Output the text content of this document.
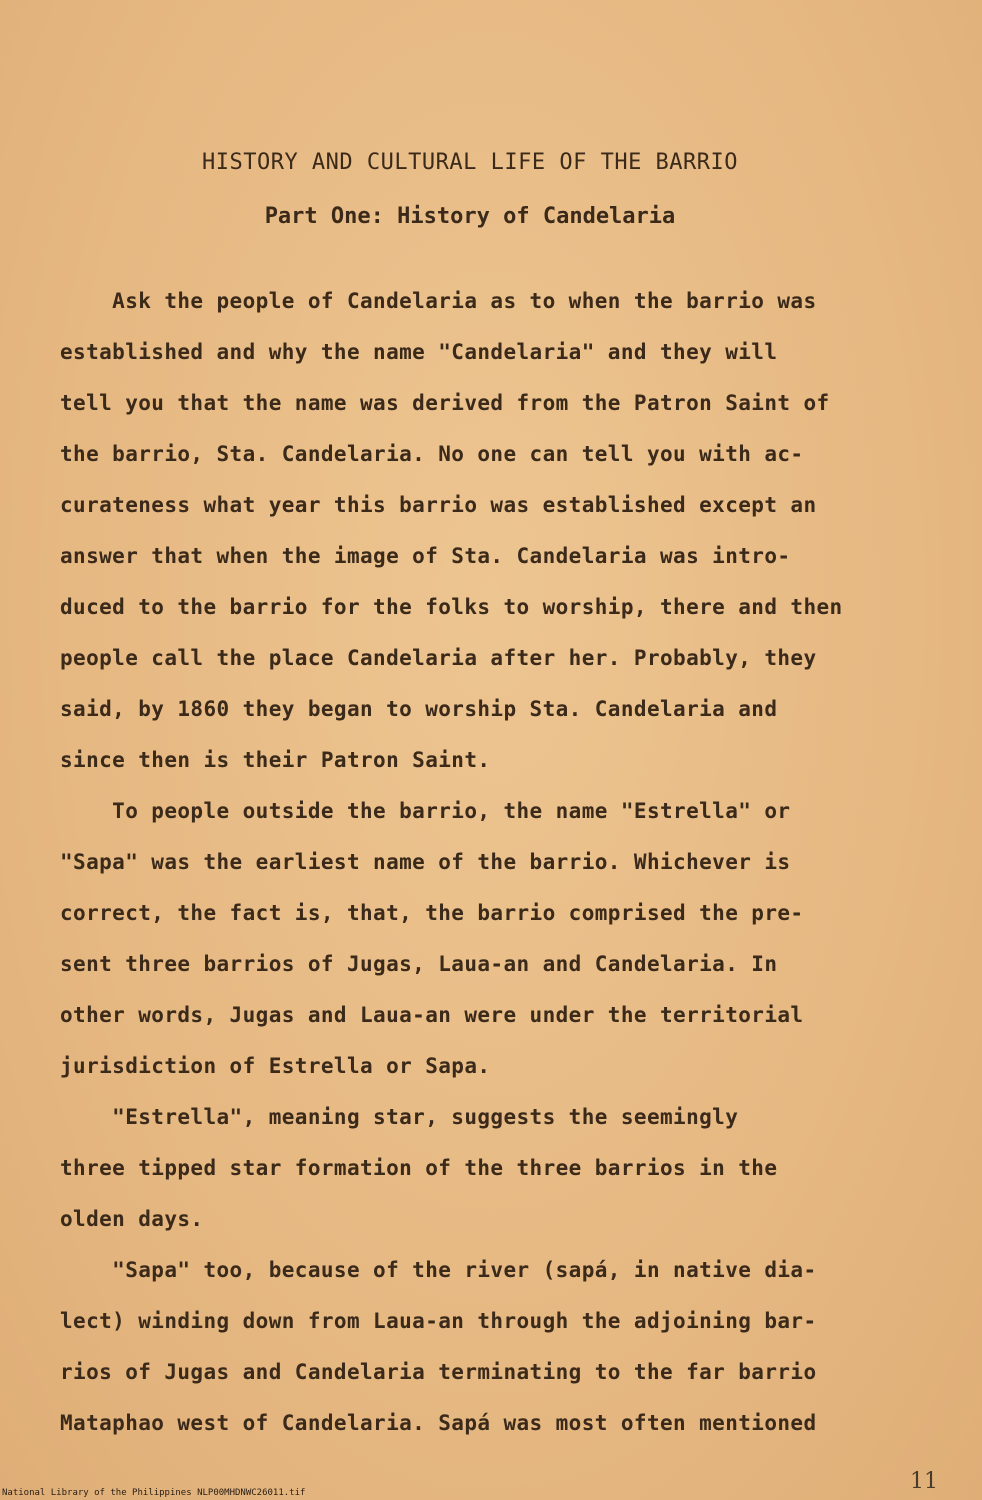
HISTORY AND CULTURAL LIFE OF THE BARRIO
Part One: History of Candelaria
Ask the people of Candelaria as to when the barrio was
established and why the name "Candelaria" and they will
tell you that the name was derived from the Patron Saint of
the barrio, Sta. Candelaria. No one can tell you with ac-
curateness what year this barrio was established except an
answer that when the image of Sta. Candelaria was intro-
duced to the barrio for the folks to worship, there and then
people call the place Candelaria after her. Probably, they
said, by 1860 they began to worship Sta. Candelaria and
since then is their Patron Saint.
To people outside the barrio, the name "Estrella" or
"Sapa" was the earliest name of the barrio. Whichever is
correct, the fact is, that, the barrio comprised the pre-
sent three barrios of Jugas, Laua-an and Candelaria. In
other words, Jugas and Laua-an were under the territorial
jurisdiction of Estrella or Sapa.
"Estrella", meaning star, suggests the seemingly
three tipped star formation of the three barrios in the
olden days.
"Sapa" too, because of the river (sapá, in native dia-
lect) winding down from Laua-an through the adjoining bar-
rios of Jugas and Candelaria terminating to the far barrio
Mataphao west of Candelaria. Sapá was most often mentioned
National Library of the Philippines NLP00MHDNWC26011.tif	11
